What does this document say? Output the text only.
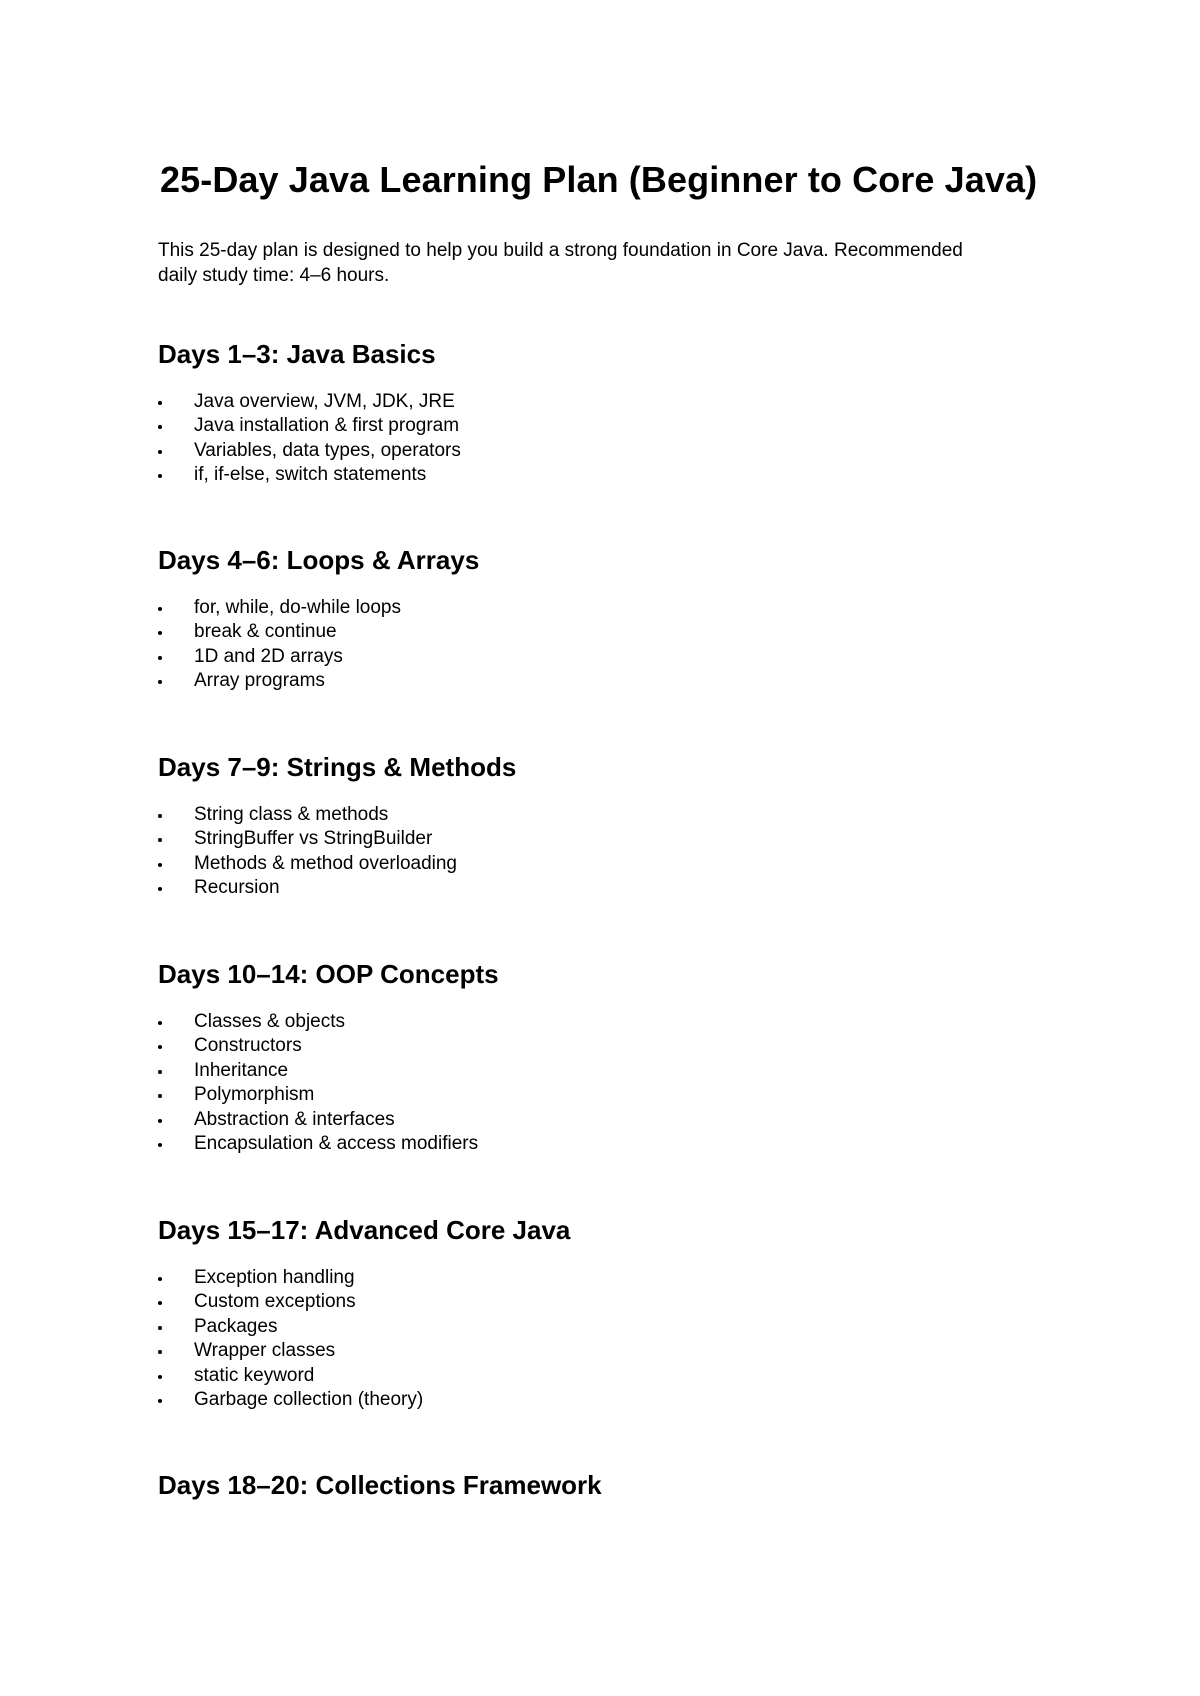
25-Day Java Learning Plan (Beginner to Core Java)

This 25-day plan is designed to help you build a strong foundation in Core Java. Recommended
daily study time: 4–6 hours.

Days 1–3: Java Basics
Java overview, JVM, JDK, JRE
Java installation & first program
Variables, data types, operators
if, if-else, switch statements
Days 4–6: Loops & Arrays
for, while, do-while loops
break & continue
1D and 2D arrays
Array programs
Days 7–9: Strings & Methods
String class & methods
StringBuffer vs StringBuilder
Methods & method overloading
Recursion
Days 10–14: OOP Concepts
Classes & objects
Constructors
Inheritance
Polymorphism
Abstraction & interfaces
Encapsulation & access modifiers
Days 15–17: Advanced Core Java
Exception handling
Custom exceptions
Packages
Wrapper classes
static keyword
Garbage collection (theory)
Days 18–20: Collections Framework
